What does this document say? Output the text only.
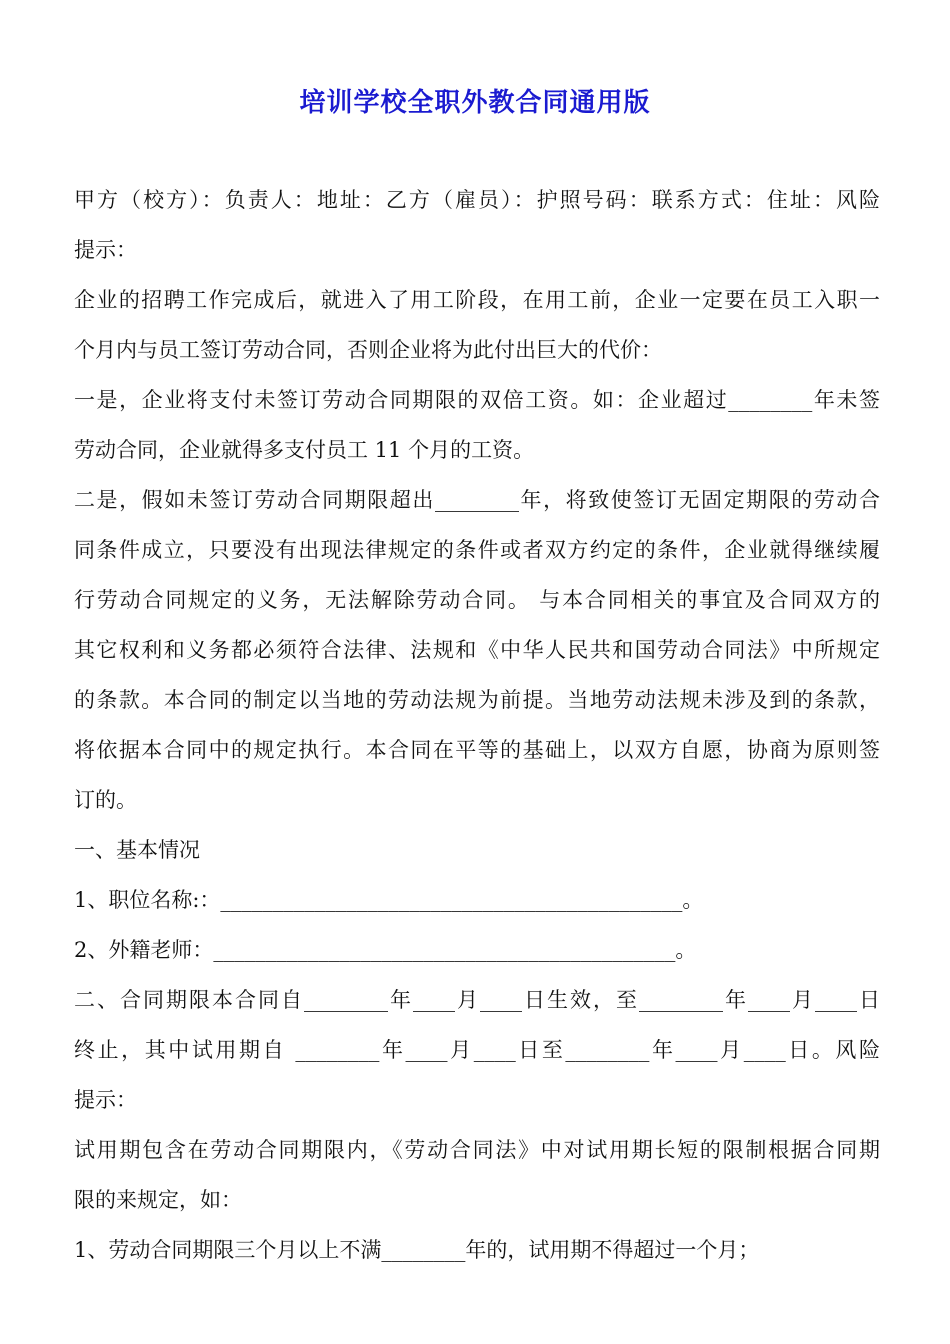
培训学校全职外教合同通用版
甲方（校方）：负责人：地址：乙方（雇员）：护照号码：联系方式：住址：风险
提示：
企业的招聘工作完成后，就进入了用工阶段，在用工前，企业一定要在员工入职一
个月内与员工签订劳动合同，否则企业将为此付出巨大的代价：
一是，企业将支付未签订劳动合同期限的双倍工资。如：企业超过________年未签
劳动合同，企业就得多支付员工 11 个月的工资。
二是，假如未签订劳动合同期限超出________年，将致使签订无固定期限的劳动合
同条件成立，只要没有出现法律规定的条件或者双方约定的条件，企业就得继续履
行劳动合同规定的义务，无法解除劳动合同。 与本合同相关的事宜及合同双方的
其它权利和义务都必须符合法律、法规和《中华人民共和国劳动合同法》中所规定
的条款。本合同的制定以当地的劳动法规为前提。当地劳动法规未涉及到的条款，
将依据本合同中的规定执行。本合同在平等的基础上，以双方自愿，协商为原则签
订的。
一、基本情况
1、职位名称:：____________________________________________。
2、外籍老师：____________________________________________。
二、合同期限本合同自________年____月____日生效，至________年____月____日
终止，其中试用期自 ________年____月____日至________年____月____日。风险
提示：
试用期包含在劳动合同期限内，《劳动合同法》中对试用期长短的限制根据合同期
限的来规定，如：
1、劳动合同期限三个月以上不满________年的，试用期不得超过一个月；
